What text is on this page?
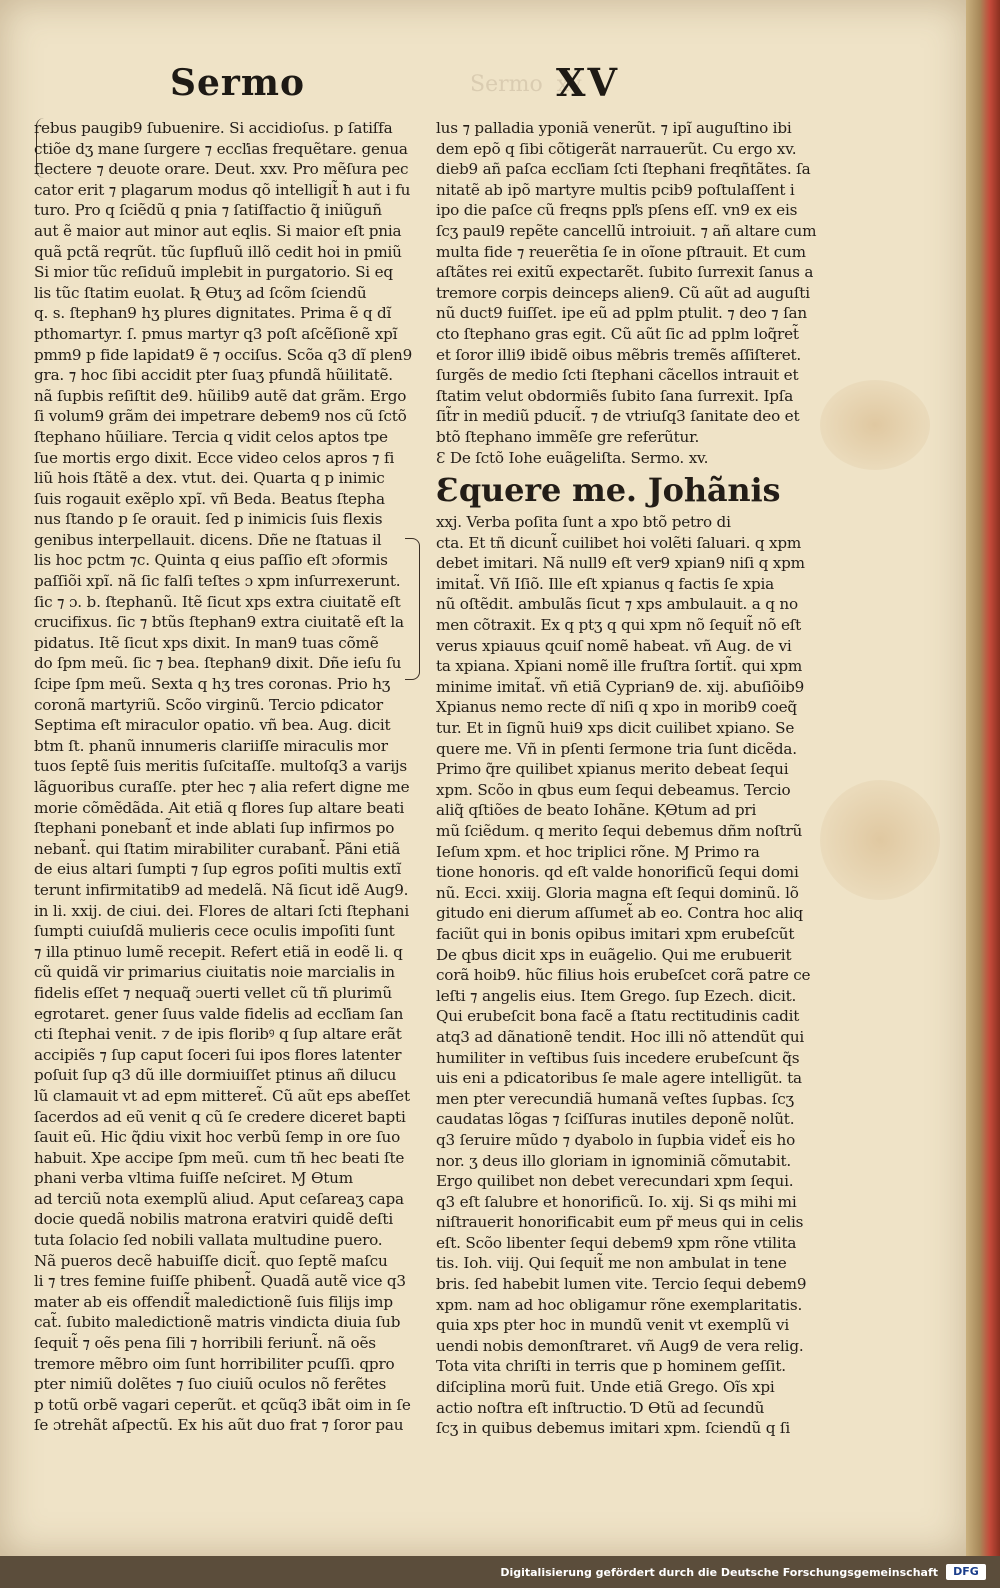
Sermo  xv
Sermo	XV

rebus paugib9 ſubuenire. Si accidioſus. p ſatiſfa

ctiõe dʒ mane ſurgere ⁊ eccľias frequẽtare. genua

flectere ⁊ deuote orare. Deut. xxv. Pro mẽſura pec

cator erit ⁊ plagarum modus qõ intelligit̃ ħ aut i fu

turo. Pro q ſciẽdũ q pnia ⁊ ſatiſfactio q̃ iniũguñ

aut ẽ maior aut minor aut eqlis. Si maior eſt pnia

quã pctã reqrũt. tũc ſupfluũ illõ cedit hoi in pmiũ

Si mior tũc reſiduũ implebit in purgatorio. Si eq

lis tũc ſtatim euolat. Ʀ Ɵtuʒ ad ſcõm ſciendũ

q. s. ſtephan9 hʒ plures dignitates. Prima ẽ q dĩ

pthomartyr. ſ. pmus martyr q3 poſt aſcẽſionẽ xpĩ

pmm9 p fide lapidat9 ẽ ⁊ occiſus. Scõa q3 dĩ plen9

gra. ⁊ hoc ſibi accidit pter ſuaʒ pfundã hũilitatẽ.

nã ſupbis reſiſtit de9. hũilib9 autẽ dat grãm. Ergo

ſi volum9 grãm dei impetrare debem9 nos cũ ſctõ

ſtephano hũiliare. Tercia q vidit celos aptos tpe

ſue mortis ergo dixit. Ecce video celos apros ⁊ fi

liũ hois ſtãtẽ a dex. vtut. dei. Quarta q p inimic

ſuis rogauit exẽplo xpĩ. vñ Beda. Beatus ſtepha

nus ſtando p ſe orauit. ſed p inimicis ſuis flexis

genibus interpellauit. dicens. Dñe ne ſtatuas il

lis hoc pctm ⁊c. Quinta q eius paſſio eſt ɔformis

paſſiõi xpĩ. nã ſic falſi teſtes ɔ xpm inſurrexerunt.

ſic ⁊ ɔ. b. ſtephanũ. Itẽ ſicut xps extra ciuitatẽ eſt

crucifixus. ſic ⁊ btũs ſtephan9 extra ciuitatẽ eſt la

pidatus. Itẽ ſicut xps dixit. In man9 tuas cõmẽ

do ſpm meũ. ſic ⁊ bea. ſtephan9 dixit. Dñe ieſu ſu

ſcipe ſpm meũ. Sexta q hʒ tres coronas. Prio hʒ

coronã martyriũ. Scõo virginũ. Tercio pdicator

Septima eſt miraculor opatio. vñ bea. Aug. dicit

btm ſt. phanũ innumeris clariiſſe miraculis mor

tuos ſeptẽ ſuis meritis ſuſcitaſſe. multoſq3 a varijs

lãguoribus curaſſe. pter hec ⁊ alia refert digne me

morie cõmẽdãda. Ait etiã q flores ſup altare beati

ſtephani ponebant̃ et inde ablati ſup infirmos po

nebant̃. qui ſtatim mirabiliter curabant̃. Pãni etiã

de eius altari ſumpti ⁊ ſup egros poſiti multis extĩ

terunt infirmitatib9 ad medelã. Nã ſicut idẽ Aug9.

in li. xxij. de ciui. dei. Flores de altari ſcti ſtephani

ſumpti cuiuſdã mulieris cece oculis impoſiti ſunt

⁊ illa ptinuo lumẽ recepit. Refert etiã in eodẽ li. q

cũ quidã vir primarius ciuitatis noie marcialis in

fidelis eſſet ⁊ nequaq̃ ɔuerti vellet cũ tñ plurimũ

egrotaret. gener ſuus valde fidelis ad eccľiam ſan

cti ſtephai venit. ⁊ de ipis floribꝰ q ſup altare erãt

accipiẽs ⁊ ſup caput ſoceri ſui ipos flores latenter

poſuit ſup q3 dũ ille dormiuiſſet ptinus añ dilucu

lũ clamauit vt ad epm mitteret̃. Cũ aũt eps abeſſet

ſacerdos ad eũ venit q cũ ſe credere diceret bapti

ſauit eũ. Hic q̃diu vixit hoc verbũ ſemp in ore ſuo

habuit. Xpe accipe ſpm meũ. cum tñ hec beati ſte

phani verba vltima fuiſſe neſciret. Ɱ Ɵtum

ad terciũ nota exemplũ aliud. Aput ceſareaʒ capa

docie quedã nobilis matrona eratviri quidẽ deſti

tuta ſolacio ſed nobili vallata multudine puero.

Nã pueros decẽ habuiſſe dicit̃. quo ſeptẽ maſcu

li ⁊ tres femine fuiſſe phibent̃. Quadã autẽ vice q3

mater ab eis offendit̃ maledictionẽ ſuis filijs imp

cat̃. ſubito maledictionẽ matris vindicta diuia ſub

ſequit̃ ⁊ oẽs pena ſili ⁊ horribili feriunt̃. nã oẽs

tremore mẽbro oim ſunt horribiliter pcuſſi. qpro

pter nimiũ dolẽtes ⁊ ſuo ciuiũ oculos nõ ferẽtes

p totũ orbẽ vagari ceperũt. et qcũq3 ibãt oim in ſe

ſe ɔtrehãt aſpectũ. Ex his aũt duo frat ⁊ ſoror pau

lus ⁊ palladia yponiã venerũt. ⁊ ipĩ auguſtino ibi

dem epõ q ſibi cõtigerãt narrauerũt. Cu ergo xv.

dieb9 añ paſca eccľiam ſcti ſtephani freqñtãtes. ſa

nitatẽ ab ipõ martyre multis pcib9 poſtulaſſent i

ipo die paſce cũ freqns ppľs pſens eſſ. vn9 ex eis

ſcʒ paul9 repẽte cancellũ introiuit. ⁊ añ altare cum

multa fide ⁊ reuerẽtia ſe in oĩone pſtrauit. Et cum

aſtãtes rei exitũ expectarẽt. ſubito ſurrexit ſanus a

tremore corpis deinceps alien9. Cũ aũt ad auguſti

nũ duct9 fuiſſet. ipe eũ ad pplm ptulit. ⁊ deo ⁊ ſan

cto ſtephano gras egit. Cũ aũt ſic ad pplm loq̃ret̃

et ſoror illi9 ibidẽ oibus mẽbris tremẽs aſſiſteret.

ſurgẽs de medio ſcti ſtephani cãcellos intrauit et

ſtatim velut obdormiẽs ſubito ſana ſurrexit. Ipſa

ſit̃r in mediũ pducit̃. ⁊ de vtriuſq3 ſanitate deo et

btõ ſtephano immẽſe gre referũtur.

Ɛ De ſctõ Iohe euãgeliſta. Sermo. xv.

Ɛquere me. Johãnis

xxj. Verba poſita ſunt a xpo btõ petro di

cta. Et tñ dicunt̃ cuilibet hoi volẽti ſaluari. q xpm

debet imitari. Nã null9 eſt ver9 xpian9 niſi q xpm

imitat̃. Vñ Iſiõ. Ille eſt xpianus q factis ſe xpia

nũ oſtẽdit. ambulãs ſicut ⁊ xps ambulauit. a q no

men cõtraxit. Ex q ptʒ q qui xpm nõ ſequit̃ nõ eſt

verus xpiauus qcuiſ nomẽ habeat. vñ Aug. de vi

ta xpiana. Xpiani nomẽ ille fruſtra ſortit̃. qui xpm

minime imitat̃. vñ etiã Cyprian9 de. xij. abuſiõib9

Xpianus nemo recte dĩ niſi q xpo in morib9 coeq̃

tur. Et in ſignũ hui9 xps dicit cuilibet xpiano. Se

quere me. Vñ in pſenti ſermone tria ſunt dicẽda.

Primo q̃re quilibet xpianus merito debeat ſequi

xpm. Scõo in qbus eum ſequi debeamus. Tercio

aliq̃ qſtiões de beato Iohãne. ⱩƟtum ad pri

mũ ſciẽdum. q merito ſequi debemus dñm noſtrũ

Ieſum xpm. et hoc triplici rõne. Ɱ Primo ra

tione honoris. qd eſt valde honorificũ ſequi domi

nũ. Ecci. xxiij. Gloria magna eſt ſequi dominũ. lõ

gitudo eni dierum aſſumet̃ ab eo. Contra hoc aliq

faciũt qui in bonis opibus imitari xpm erubeſcũt

De qbus dicit xps in euãgelio. Qui me erubuerit

corã hoib9. hũc filius hois erubeſcet corã patre ce

leſti ⁊ angelis eius. Item Grego. ſup Ezech. dicit.

Qui erubeſcit bona facẽ a ſtatu rectitudinis cadit

atq3 ad dãnationẽ tendit. Hoc illi nõ attendũt qui

humiliter in veſtibus ſuis incedere erubeſcunt q̃s

uis eni a pdicatoribus ſe male agere intelligũt. ta

men pter verecundiã humanã veſtes ſupbas. ſcʒ

caudatas lõgas ⁊ ſciſſuras inutiles deponẽ nolũt.

q3 ſeruire mũdo ⁊ dyabolo in ſupbia videt̃ eis ho

nor. ʒ deus illo gloriam in ignominiã cõmutabit.

Ergo quilibet non debet verecundari xpm ſequi.

q3 eſt ſalubre et honorificũ. Io. xij. Si qs mihi mi

niſtrauerit honorificabit eum pr̃ meus qui in celis

eſt. Scõo libenter ſequi debem9 xpm rõne vtilita

tis. Ioh. viij. Qui ſequit̃ me non ambulat in tene

bris. ſed habebit lumen vite. Tercio ſequi debem9

xpm. nam ad hoc obligamur rõne exemplaritatis.

quia xps pter hoc in mundũ venit vt exemplũ vi

uendi nobis demonſtraret. vñ Aug9 de vera relig.

Tota vita chriſti in terris que p hominem geſſit.

diſciplina morũ fuit. Unde etiã Grego. Oĩs xpi

actio noſtra eſt inſtructio. Ɗ Ɵtũ ad ſecundũ

ſcʒ in quibus debemus imitari xpm. ſciendũ q ſi

Digitalisierung gefördert durch die Deutsche Forschungsgemeinschaft	DFG
